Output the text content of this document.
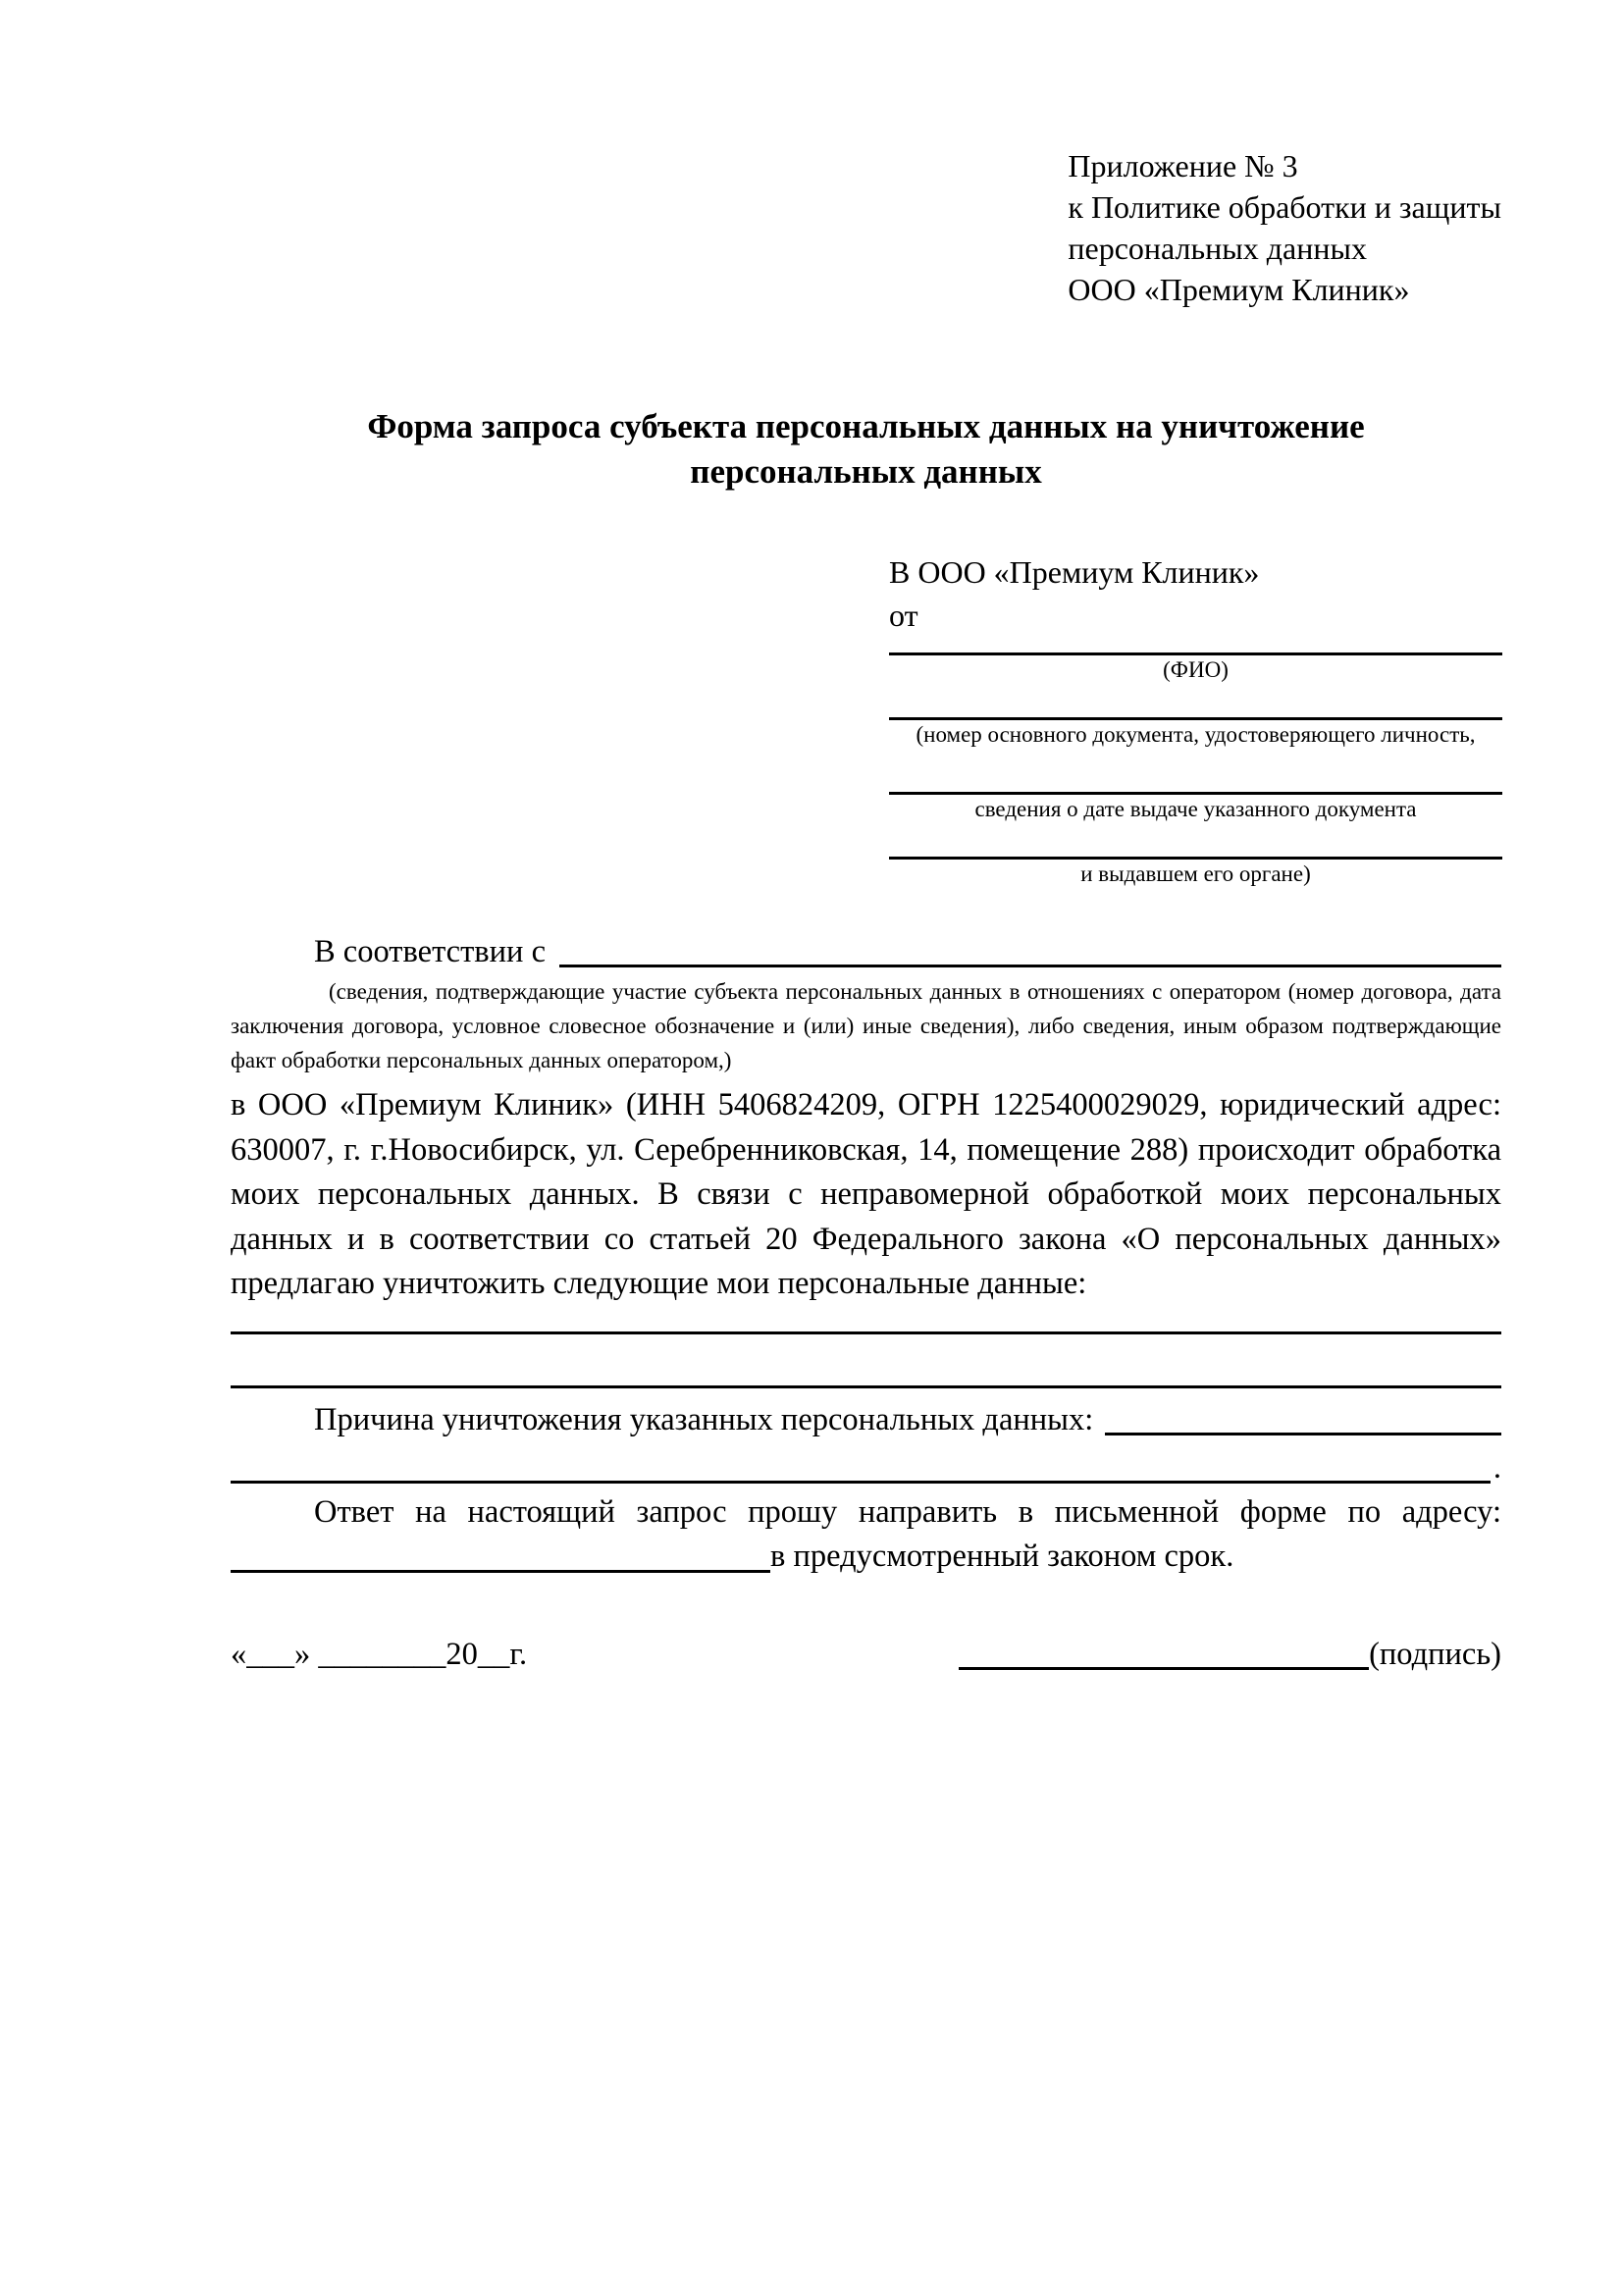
Приложение № 3
к Политике обработки и защиты
персональных данных
ООО «Премиум Клиник»
Форма запроса субъекта персональных данных на уничтожение
персональных данных
В ООО «Премиум Клиник»
от
(ФИО)
(номер основного документа, удостоверяющего личность,
сведения о дате выдаче указанного документа
и выдавшем его органе)
В соответствии с
(сведения, подтверждающие участие субъекта персональных данных в отношениях с оператором (номер договора, дата заключения договора, условное словесное обозначение и (или) иные сведения), либо сведения, иным образом подтверждающие факт обработки персональных данных оператором,)
в ООО «Премиум Клиник» (ИНН 5406824209, ОГРН 1225400029029, юридический адрес: 630007, г. г.Новосибирск, ул. Серебренниковская, 14, помещение 288) происходит обработка моих персональных данных. В связи с неправомерной обработкой моих персональных данных и в соответствии со статьей 20 Федерального закона «О персональных данных» предлагаю уничтожить следующие мои персональные данные:
Причина уничтожения указанных персональных данных:
.
Ответ на настоящий запрос прошу направить в письменной форме по адресу:
в предусмотренный законом срок.
«___» ________20__г.	(подпись)
